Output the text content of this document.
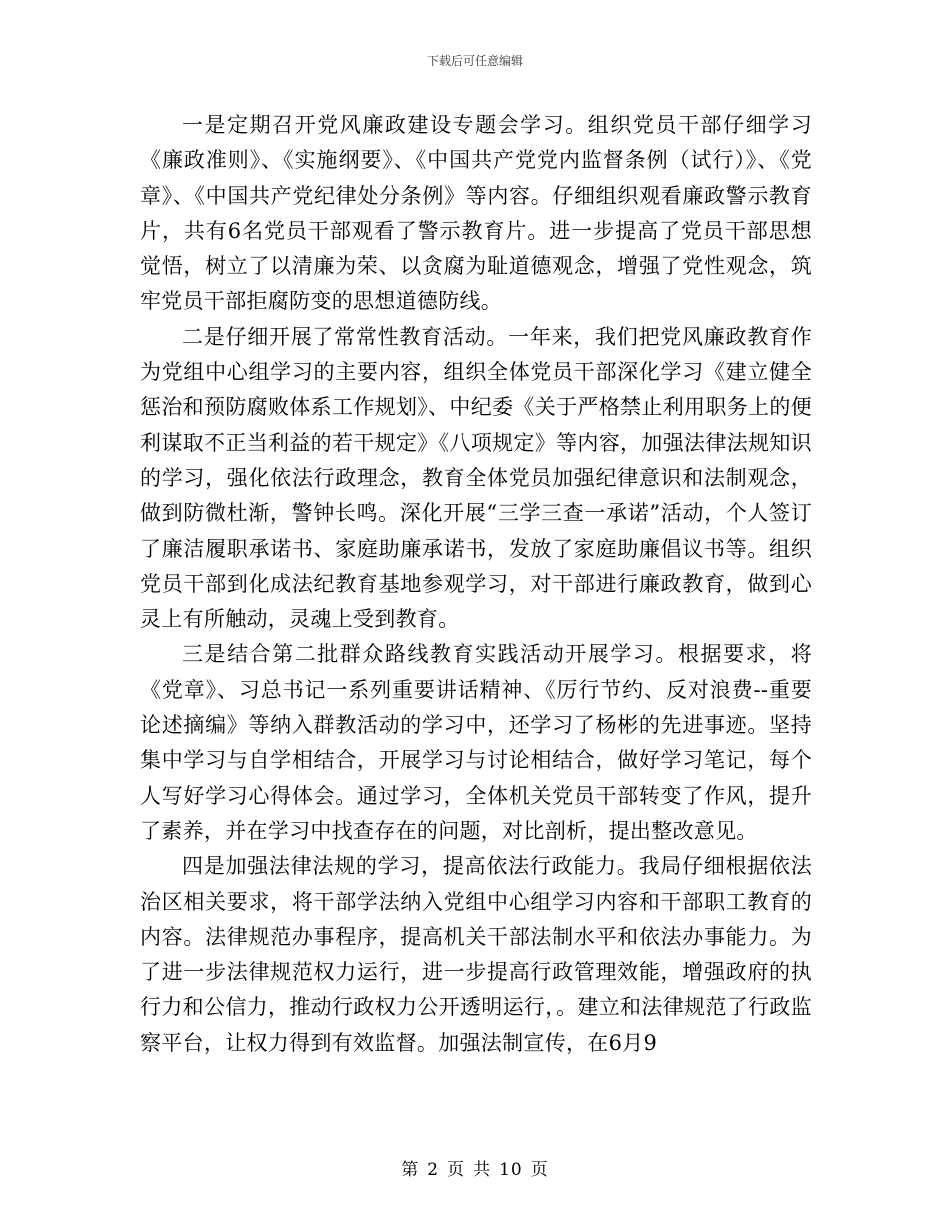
下载后可任意编辑

一是定期召开党风廉政建设专题会学习。组织党员干部仔细学习《廉政准则》、《实施纲要》、《中国共产党党内监督条例（试行）》、《党章》、《中国共产党纪律处分条例》等内容。仔细组织观看廉政警示教育片，共有6名党员干部观看了警示教育片。进一步提高了党员干部思想觉悟，树立了以清廉为荣、以贪腐为耻道德观念，增强了党性观念，筑牢党员干部拒腐防变的思想道德防线。

二是仔细开展了常常性教育活动。一年来，我们把党风廉政教育作为党组中心组学习的主要内容，组织全体党员干部深化学习《建立健全惩治和预防腐败体系工作规划》、中纪委《关于严格禁止利用职务上的便利谋取不正当利益的若干规定》《八项规定》等内容，加强法律法规知识的学习，强化依法行政理念，教育全体党员加强纪律意识和法制观念，做到防微杜渐，警钟长鸣。深化开展“三学三查一承诺”活动，个人签订了廉洁履职承诺书、家庭助廉承诺书，发放了家庭助廉倡议书等。组织党员干部到化成法纪教育基地参观学习，对干部进行廉政教育，做到心灵上有所触动，灵魂上受到教育。

三是结合第二批群众路线教育实践活动开展学习。根据要求，将《党章》、习总书记一系列重要讲话精神、《厉行节约、反对浪费--重要论述摘编》等纳入群教活动的学习中，还学习了杨彬的先进事迹。坚持集中学习与自学相结合，开展学习与讨论相结合，做好学习笔记，每个人写好学习心得体会。通过学习，全体机关党员干部转变了作风，提升了素养，并在学习中找查存在的问题，对比剖析，提出整改意见。

四是加强法律法规的学习，提高依法行政能力。我局仔细根据依法治区相关要求，将干部学法纳入党组中心组学习内容和干部职工教育的内容。法律规范办事程序，提高机关干部法制水平和依法办事能力。为了进一步法律规范权力运行，进一步提高行政管理效能，增强政府的执行力和公信力，推动行政权力公开透明运行，。建立和法律规范了行政监察平台，让权力得到有效监督。加强法制宣传，在6月9

第 2 页 共 10 页
